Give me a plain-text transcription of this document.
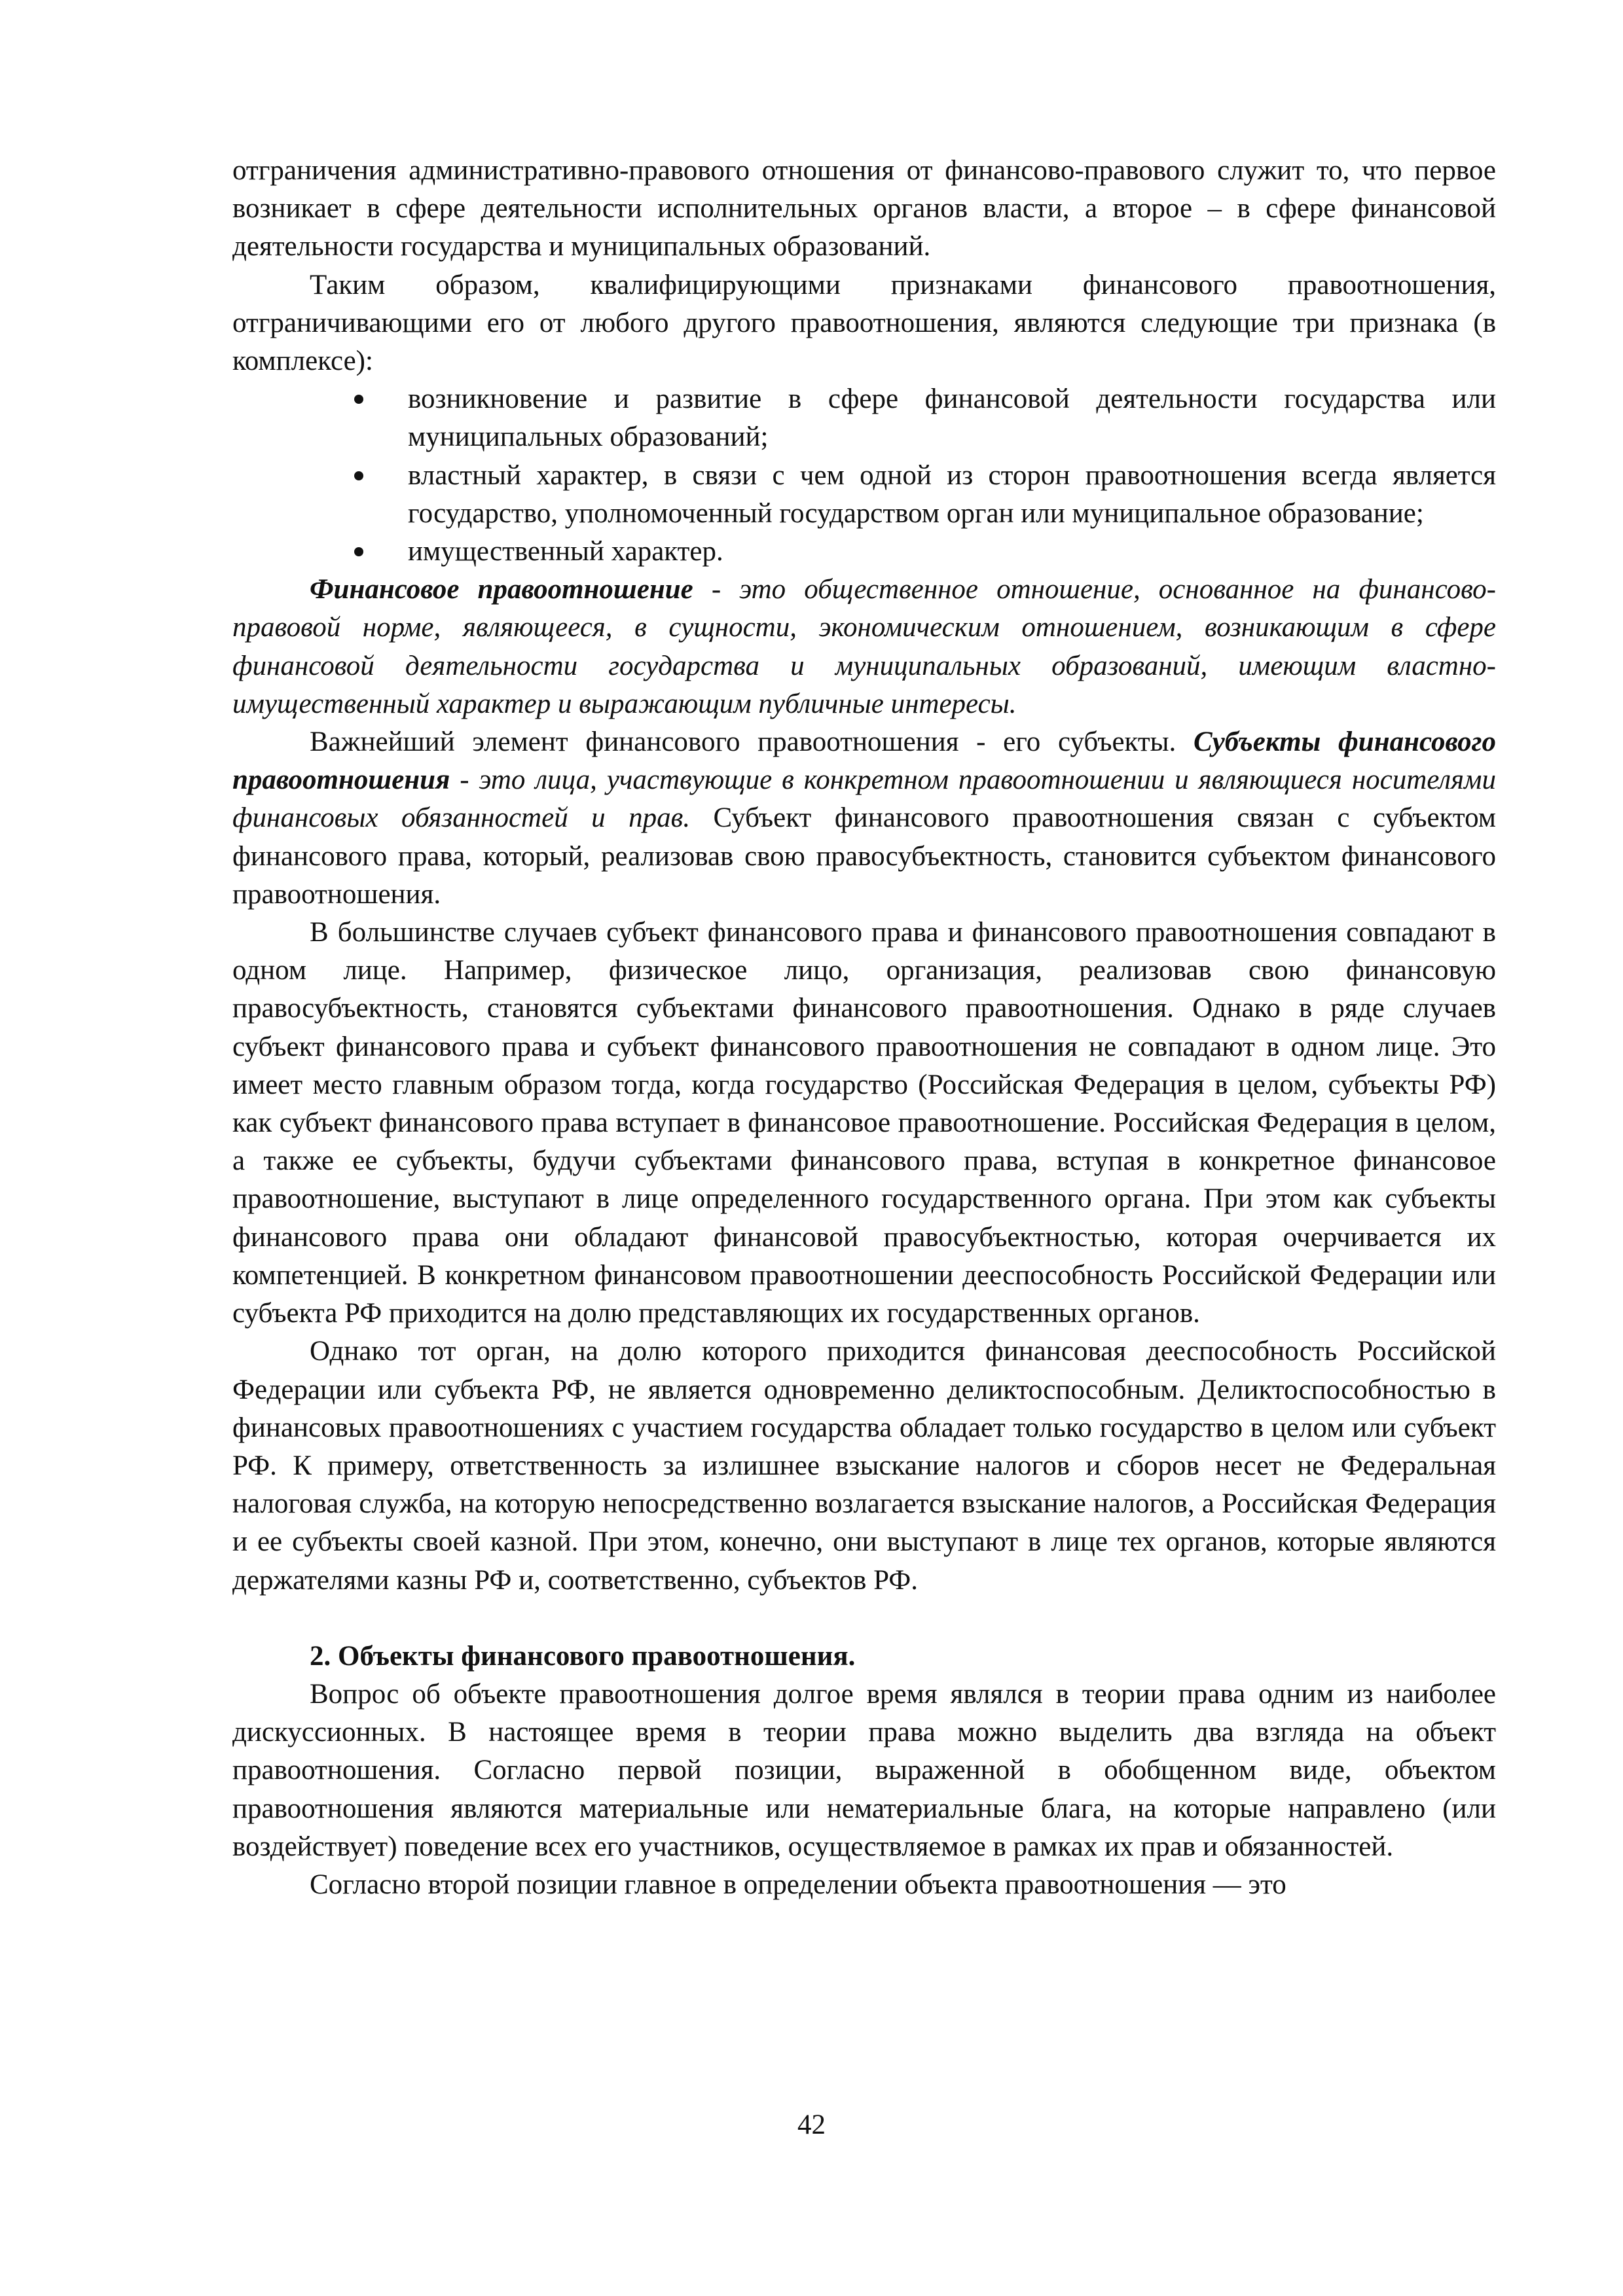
отграничения административно-правового отношения от финансово-правового служит то, что первое возникает в сфере деятельности исполнительных органов власти, а второе – в сфере финансовой деятельности государства и муниципальных образований.

Таким образом, квалифицирующими признаками финансового правоотношения, отграничивающими его от любого другого правоотношения, являются следующие три признака (в комплексе):

возникновение и развитие в сфере финансовой деятельности государства или муниципальных образований;
властный характер, в связи с чем одной из сторон правоотношения всегда является государство, уполномоченный государством орган или муниципальное образование;
имущественный характер.

Финансовое правоотношение - это общественное отношение, основанное на финансово-правовой норме, являющееся, в сущности, экономическим отношением, возникающим в сфере финансовой деятельности государства и муниципальных образований, имеющим властно-имущественный характер и выражающим публичные интересы.

Важнейший элемент финансового правоотношения - его субъекты. Субъекты финансового правоотношения - это лица, участвующие в конкретном правоотношении и являющиеся носителями финансовых обязанностей и прав. Субъект финансового правоотношения связан с субъектом финансового права, который, реализовав свою правосубъектность, становится субъектом финансового правоотношения.

В большинстве случаев субъект финансового права и финансового правоотношения совпадают в одном лице. Например, физическое лицо, организация, реализовав свою финансовую правосубъектность, становятся субъектами финансового правоотношения. Однако в ряде случаев субъект финансового права и субъект финансового правоотношения не совпадают в одном лице. Это имеет место главным образом тогда, когда государство (Российская Федерация в целом, субъекты РФ) как субъект финансового права вступает в финансовое правоотношение. Российская Федерация в целом, а также ее субъекты, будучи субъектами финансового права, вступая в конкретное финансовое правоотношение, выступают в лице определенного государственного органа. При этом как субъекты финансового права они обладают финансовой правосубъектностью, которая очерчивается их компетенцией. В конкретном финансовом правоотношении дееспособность Российской Федерации или субъекта РФ приходится на долю представляющих их государственных органов.

Однако тот орган, на долю которого приходится финансовая дееспособность Российской Федерации или субъекта РФ, не является одновременно деликтоспособным. Деликтоспособностью в финансовых правоотношениях с участием государства обладает только государство в целом или субъект РФ. К примеру, ответственность за излишнее взыскание налогов и сборов несет не Федеральная налоговая служба, на которую непосредственно возлагается взыскание налогов, а Российская Федерация и ее субъекты своей казной. При этом, конечно, они выступают в лице тех органов, которые являются держателями казны РФ и, соответственно, субъектов РФ.

2. Объекты финансового правоотношения.

Вопрос об объекте правоотношения долгое время являлся в теории права одним из наиболее дискуссионных. В настоящее время в теории права можно выделить два взгляда на объект правоотношения. Согласно первой позиции, выраженной в обобщенном виде, объектом правоотношения являются материальные или нематериальные блага, на которые направлено (или воздействует) поведение всех его участников, осуществляемое в рамках их прав и обязанностей.

Согласно второй позиции главное в определении объекта правоотношения — это

42
